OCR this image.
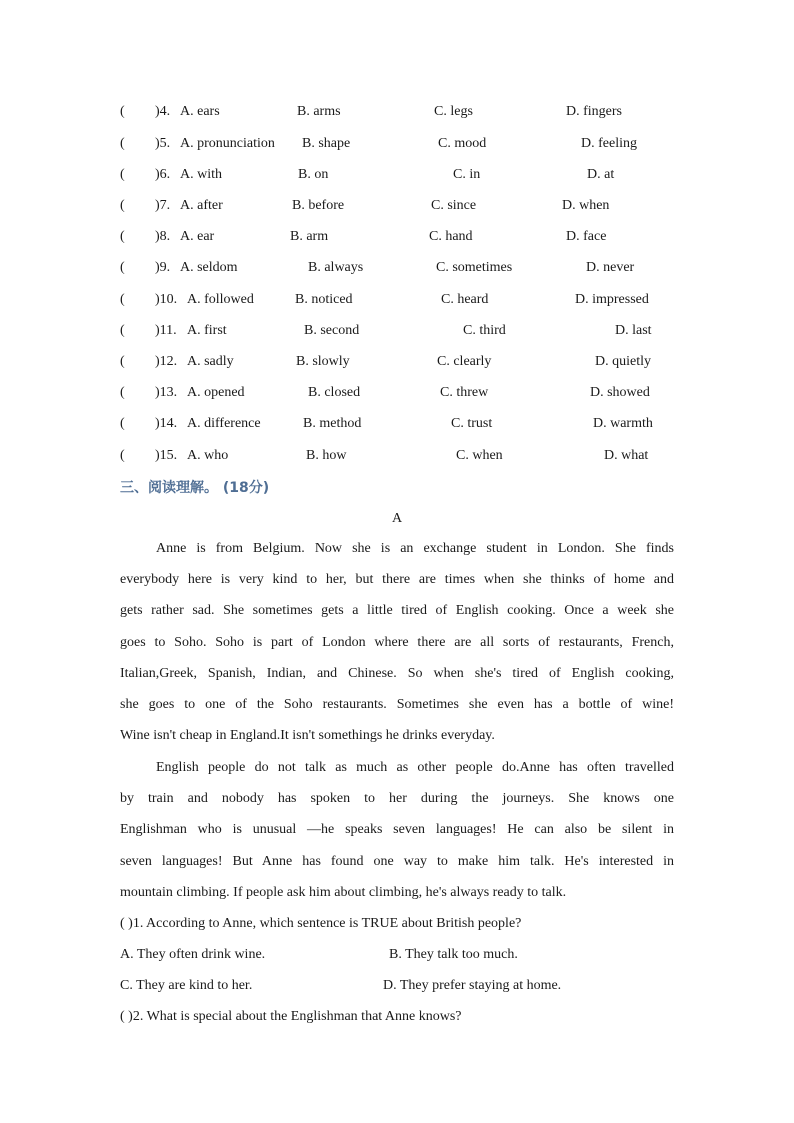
( )4. A. ears	B. arms	C. legs	D. fingers
( )5. A. pronunciation B. shape	C. mood	D. feeling
( )6. A. with	B. on	C. in	D. at
( )7. A. after	B. before	C. since	D. when
( )8. A. ear	B. arm	C. hand	D. face
( )9. A. seldom	B. always	C. sometimes	D. never
( )10. A. followed	B. noticed	C. heard	D. impressed
( )11. A. first	B. second	C. third	D. last
( )12. A. sadly	B. slowly	C. clearly	D. quietly
( )13. A. opened	B. closed	C. threw	D. showed
( )14. A. difference	B. method	C. trust	D. warmth
( )15. A. who	B. how	C. when	D. what
三、阅读理解。 (18分)
A
Anne is from Belgium. Now she is an exchange student in London. She finds
everybody here is very kind to her, but there are times when she thinks of home and
gets rather sad. She sometimes gets a little tired of English cooking. Once a week she
goes to Soho. Soho is part of London where there are all sorts of restaurants, French,
Italian,Greek, Spanish, Indian, and Chinese. So when she's tired of English cooking,
she goes to one of the Soho restaurants. Sometimes she even has a bottle of wine!
Wine isn't cheap in England.It isn't somethings he drinks everyday.
English people do not talk as much as other people do.Anne has often travelled
by train and nobody has spoken to her during the journeys. She knows one
Englishman who is unusual —he speaks seven languages! He can also be silent in
seven languages! But Anne has found one way to make him talk. He's interested in
mountain climbing. If people ask him about climbing, he's always ready to talk.
( )1. According to Anne, which sentence is TRUE about British people?
A. They often drink wine.	B. They talk too much.
C. They are kind to her.	D. They prefer staying at home.
( )2. What is special about the Englishman that Anne knows?
